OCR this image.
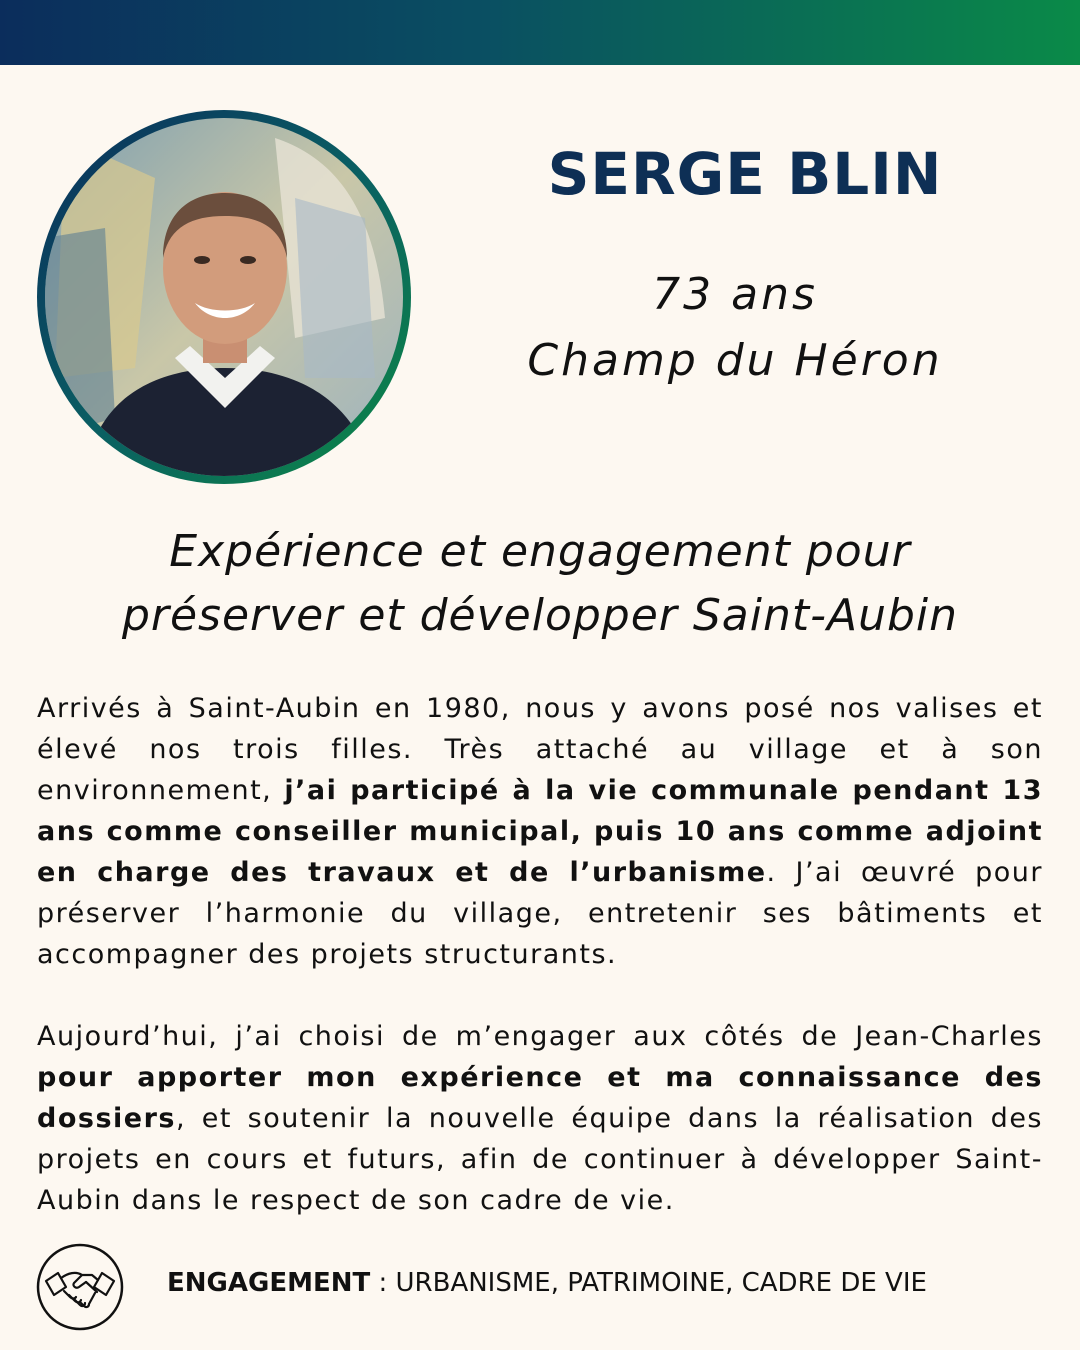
SERGE BLIN
73 ans
Champ du Héron
Expérience et engagement pour
préserver et développer Saint-Aubin
Arrivés à Saint-Aubin en 1980, nous y avons posé nos valises et élevé nos trois filles. Très attaché au village et à son environnement, j’ai participé à la vie communale pendant 13 ans comme conseiller municipal, puis 10 ans comme adjoint en charge des travaux et de l’urbanisme. J’ai œuvré pour préserver l’harmonie du village, entretenir ses bâtiments et accompagner des projets structurants.
Aujourd’hui, j’ai choisi de m’engager aux côtés de Jean-Charles pour apporter mon expérience et ma connaissance des dossiers, et soutenir la nouvelle équipe dans la réalisation des projets en cours et futurs, afin de continuer à développer Saint-Aubin dans le respect de son cadre de vie.
ENGAGEMENT : URBANISME, PATRIMOINE, CADRE DE VIE
